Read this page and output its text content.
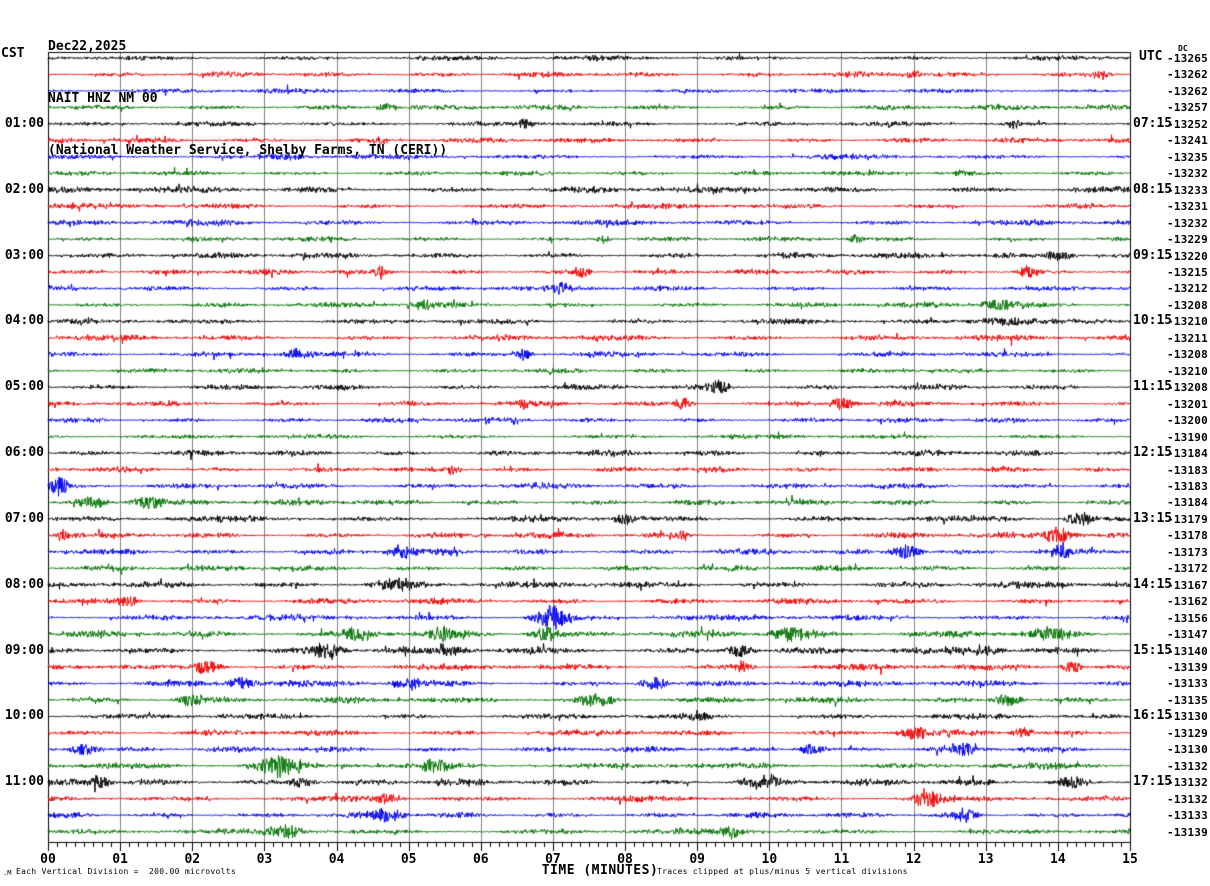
Dec22,2025

NAIT HNZ NM 00

(National Weather Service, Shelby Farms, TN (CERI))

CST	UTC
DC
01:00
02:00
03:00
04:00
05:00
06:00
07:00
08:00
09:00
10:00
11:00
07:15
08:15
09:15
10:15
11:15
12:15
13:15
14:15
15:15
16:15
17:15
-13265
-13262
-13262
-13257
-13252
-13241
-13235
-13232
-13233
-13231
-13232
-13229
-13220
-13215
-13212
-13208
-13210
-13211
-13208
-13210
-13208
-13201
-13200
-13190
-13184
-13183
-13183
-13184
-13179
-13178
-13173
-13172
-13167
-13162
-13156
-13147
-13140
-13139
-13133
-13135
-13130
-13129
-13130
-13132
-13132
-13132
-13133
-13139
00	01	02	03	04	05	06	07	08	09	10	11	12	13	14	15
.M Each Vertical Division =  200.00 microvolts	TIME (MINUTES)
Traces clipped at plus/minus 5 vertical divisions
